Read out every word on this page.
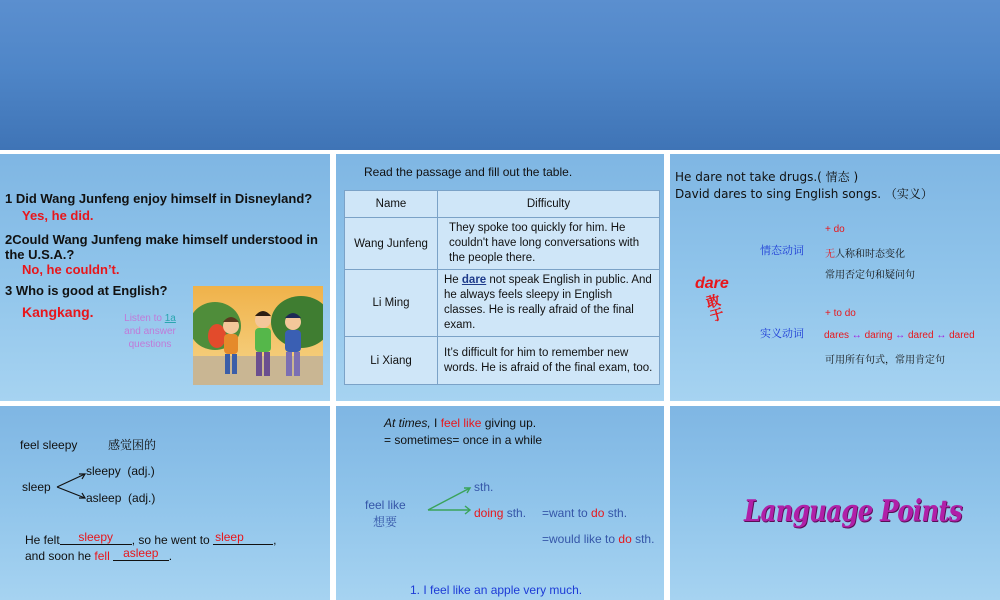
1 Did Wang Junfeng enjoy himself in Disneyland?
Yes, he did.
2Could Wang Junfeng make himself understood in the U.S.A.?
No, he couldn’t.
3 Who is good at English?
Kangkang.	Listen to 1a and answer questions
Read the passage and fill out the table.
Name	Difficulty
Wang Junfeng	They spoke too quickly for him. He couldn't have long conversations with the people there.
Li Ming	He dare not speak English in public. And he always feels sleepy in English classes. He is really afraid of the final exam.
Li Xiang	It’s difficult for him to remember new words. He is afraid of the final exam, too.
He dare not take drugs.( 情态 )
David dares to sing English songs. （实义）
dare
敢于
情态动词
+ do
无人称和时态变化
常用否定句和疑问句
实义动词
+ to do
dares ↔ daring ↔ dared ↔ dared
可用所有句式，常用肯定句
feel sleepy	感觉困的
sleep
sleepy  (adj.)
asleep  (adj.)
He felt sleepy , so he went to sleep ,
and soon he fell asleep .
At times, I feel like giving up.
= sometimes= once in a while
feel like
想要
sth.
doing sth. =want to do sth.
=would like to do sth.
1. I feel like an apple very much.
Language Points
